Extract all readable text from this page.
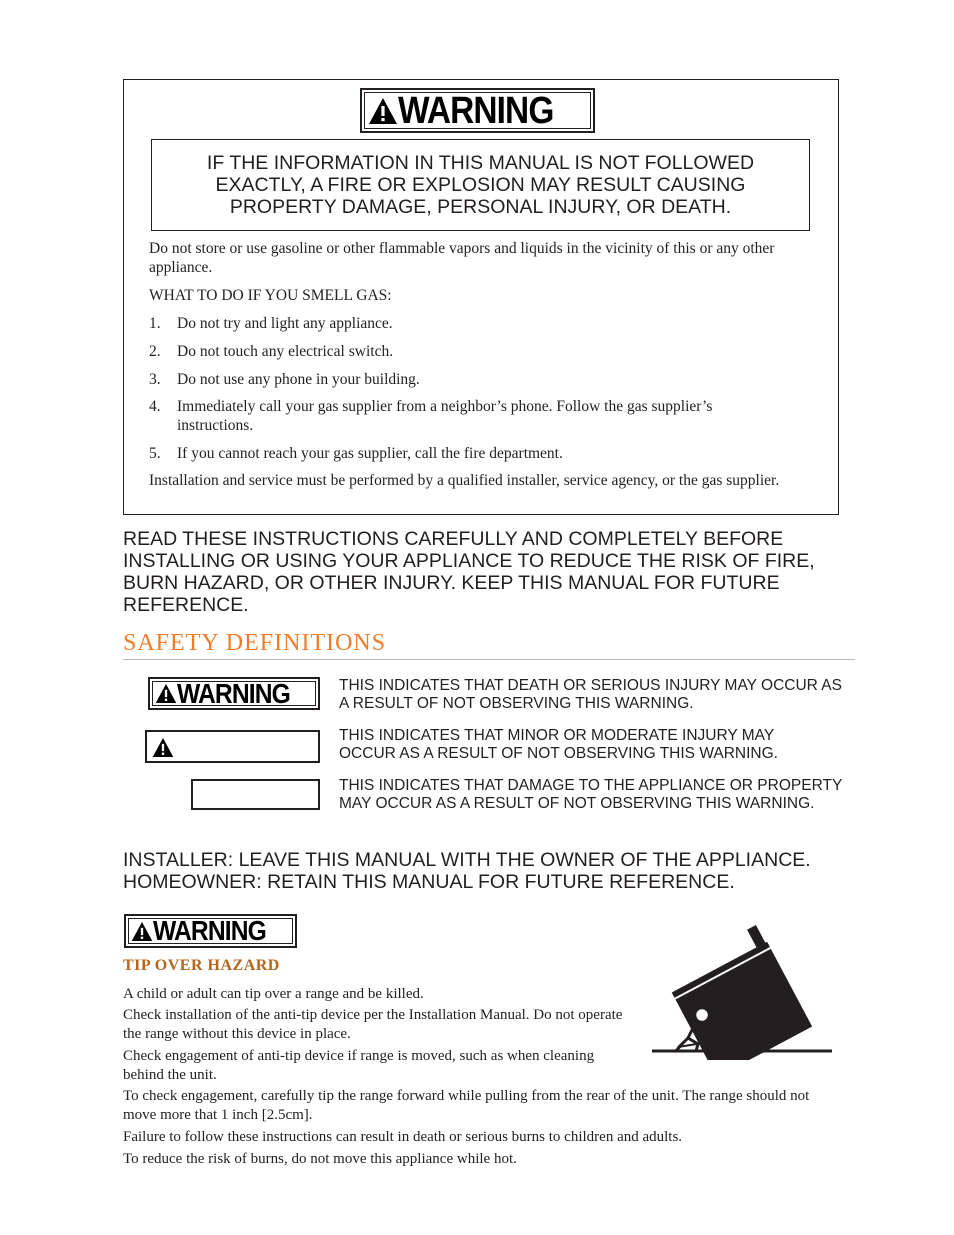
WARNING
IF THE INFORMATION IN THIS MANUAL IS NOT FOLLOWED EXACTLY, A FIRE OR EXPLOSION MAY RESULT CAUSING PROPERTY DAMAGE, PERSONAL INJURY, OR DEATH.
Do not store or use gasoline or other flammable vapors and liquids in the vicinity of this or any other appliance.
WHAT TO DO IF YOU SMELL GAS:
1. Do not try and light any appliance.
2. Do not touch any electrical switch.
3. Do not use any phone in your building.
4. Immediately call your gas supplier from a neighbor’s phone. Follow the gas supplier’s instructions.
5. If you cannot reach your gas supplier, call the fire department.
Installation and service must be performed by a qualified installer, service agency, or the gas supplier.
READ THESE INSTRUCTIONS CAREFULLY AND COMPLETELY BEFORE INSTALLING OR USING YOUR APPLIANCE TO REDUCE THE RISK OF FIRE, BURN HAZARD, OR OTHER INJURY. KEEP THIS MANUAL FOR FUTURE REFERENCE.
SAFETY DEFINITIONS
WARNING	THIS INDICATES THAT DEATH OR SERIOUS INJURY MAY OCCUR AS A RESULT OF NOT OBSERVING THIS WARNING.
THIS INDICATES THAT MINOR OR MODERATE INJURY MAY OCCUR AS A RESULT OF NOT OBSERVING THIS WARNING.
THIS INDICATES THAT DAMAGE TO THE APPLIANCE OR PROPERTY MAY OCCUR AS A RESULT OF NOT OBSERVING THIS WARNING.
INSTALLER: LEAVE THIS MANUAL WITH THE OWNER OF THE APPLIANCE.
HOMEOWNER: RETAIN THIS MANUAL FOR FUTURE REFERENCE.
WARNING
TIP OVER HAZARD
A child or adult can tip over a range and be killed.
Check installation of the anti-tip device per the Installation Manual. Do not operate the range without this device in place.
Check engagement of anti-tip device if range is moved, such as when cleaning behind the unit.
To check engagement, carefully tip the range forward while pulling from the rear of the unit. The range should not move more that 1 inch [2.5cm].
Failure to follow these instructions can result in death or serious burns to children and adults.
To reduce the risk of burns, do not move this appliance while hot.
